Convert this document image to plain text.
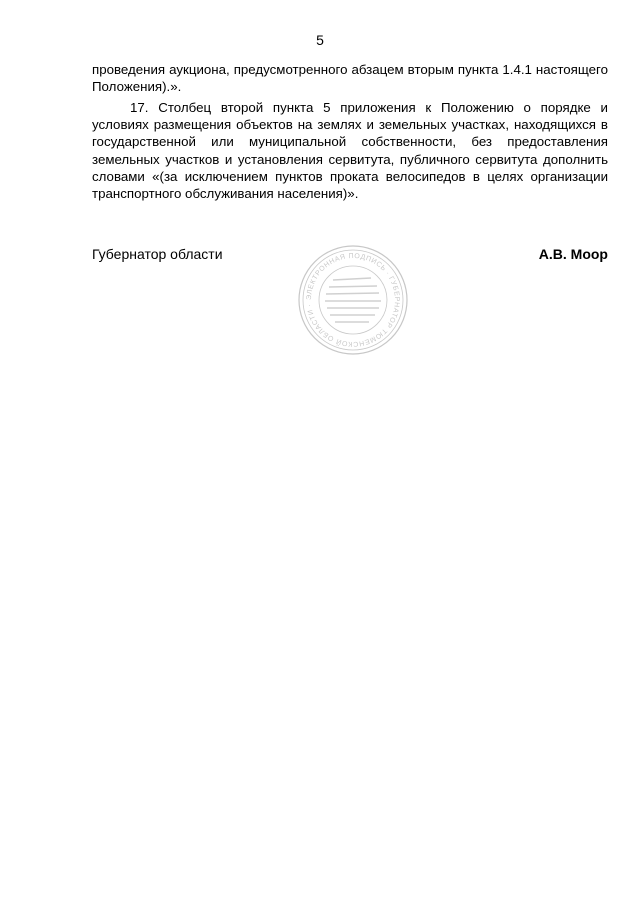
5

проведения аукциона, предусмотренного абзацем вторым пункта 1.4.1 настоящего Положения).».

17. Столбец второй пункта 5 приложения к Положению о порядке и условиях размещения объектов на землях и земельных участках, находящихся в государственной или муниципальной собственности, без предоставления земельных участков и установления сервитута, публичного сервитута дополнить словами «(за исключением пунктов проката велосипедов в целях организации транспортного обслуживания населения)».

Губернатор области	А.В. Моор
ЭЛЕКТРОННАЯ ПОДПИСЬ · ГУБЕРНАТОР ТЮМЕНСКОЙ ОБЛАСТИ ·
